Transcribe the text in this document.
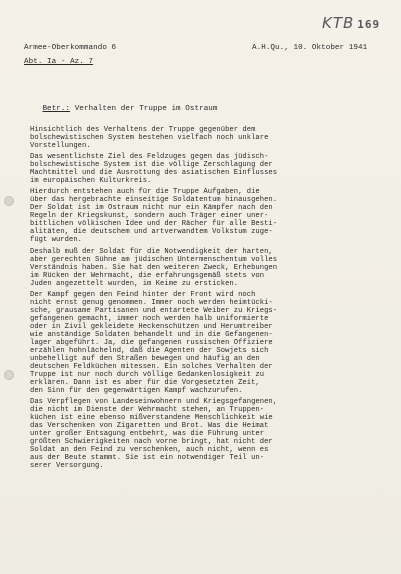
KTB 169
Armee-Oberkommando 6	A.H.Qu., 10. Oktober 1941
Abt. Ia - Az. 7

Betr.: Verhalten der Truppe im Ostraum

Hinsichtlich des Verhaltens der Truppe gegenüber dem
bolschewistischen System bestehen vielfach noch unklare
Vorstellungen.
Das wesentlichste Ziel des Feldzuges gegen das jüdisch-
bolschewistische System ist die völlige Zerschlagung der
Machtmittel und die Ausrottung des asiatischen Einflusses
im europäischen Kulturkreis.
Hierdurch entstehen auch für die Truppe Aufgaben, die
über das hergebrachte einseitige Soldatentum hinausgehen.
Der Soldat ist im Ostraum nicht nur ein Kämpfer nach den
Regeln der Kriegskunst, sondern auch Träger einer uner-
bittlichen völkischen Idee und der Rächer für alle Besti-
alitäten, die deutschem und artverwandtem Volkstum zuge-
fügt wurden.
Deshalb muß der Soldat für die Notwendigkeit der harten,
aber gerechten Sühne am jüdischen Untermenschentum volles
Verständnis haben. Sie hat den weiteren Zweck, Erhebungen
im Rücken der Wehrmacht, die erfahrungsgemäß stets von
Juden angezettelt wurden, im Keime zu ersticken.
Der Kampf gegen den Feind hinter der Front wird noch
nicht ernst genug genommen. Immer noch werden heimtücki-
sche, grausame Partisanen und entartete Weiber zu Kriegs-
gefangenen gemacht, immer noch werden halb uniformierte
oder in Zivil gekleidete Heckenschützen und Herumtreiber
wie anständige Soldaten behandelt und in die Gefangenen-
lager abgeführt. Ja, die gefangenen russischen Offiziere
erzählen hohnlächelnd, daß die Agenten der Sowjets sich
unbehelligt auf den Straßen bewegen und häufig an den
deutschen Feldküchen mitessen. Ein solches Verhalten der
Truppe ist nur noch durch völlige Gedankenlosigkeit zu
erklären. Dann ist es aber für die Vorgesetzten Zeit,
den Sinn für den gegenwärtigen Kampf wachzurufen.
Das Verpflegen von Landeseinwohnern und Kriegsgefangenen,
die nicht im Dienste der Wehrmacht stehen, an Truppen-
küchen ist eine ebenso mißverstandene Menschlichkeit wie
das Verschenken von Zigaretten und Brot. Was die Heimat
unter großer Entsagung entbehrt, was die Führung unter
größten Schwierigkeiten nach vorne bringt, hat nicht der
Soldat an den Feind zu verschenken, auch nicht, wenn es
aus der Beute stammt. Sie ist ein notwendiger Teil un-
serer Versorgung.
